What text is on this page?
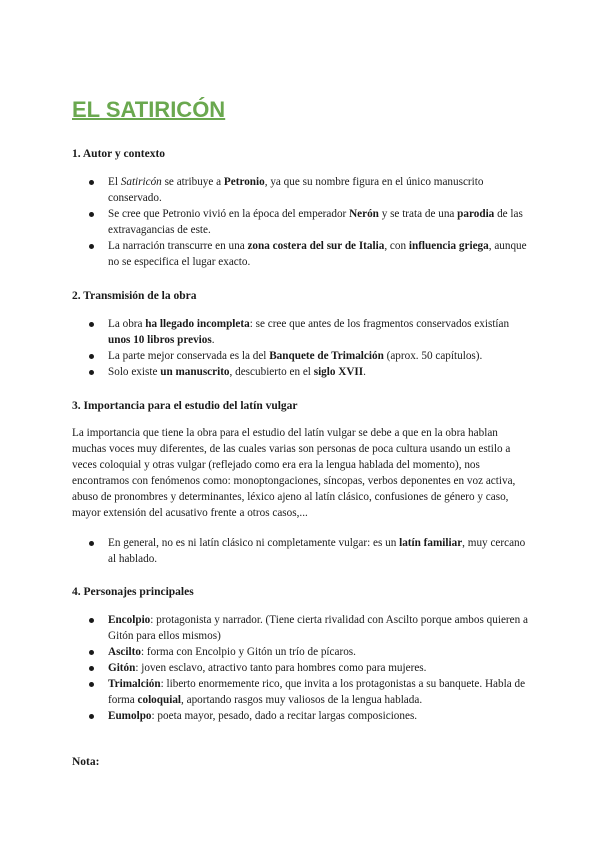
EL SATIRICÓN
1. Autor y contexto
El Satiricón se atribuye a Petronio, ya que su nombre figura en el único manuscrito conservado.
Se cree que Petronio vivió en la época del emperador Nerón y se trata de una parodia de las extravagancias de este.
La narración transcurre en una zona costera del sur de Italia, con influencia griega, aunque no se especifica el lugar exacto.
2. Transmisión de la obra
La obra ha llegado incompleta: se cree que antes de los fragmentos conservados existían unos 10 libros previos.
La parte mejor conservada es la del Banquete de Trimalción (aprox. 50 capítulos).
Solo existe un manuscrito, descubierto en el siglo XVII.
3. Importancia para el estudio del latín vulgar

La importancia que tiene la obra para el estudio del latín vulgar se debe a que en la obra hablan muchas voces muy diferentes, de las cuales varias son personas de poca cultura usando un estilo a veces coloquial y otras vulgar (reflejado como era era la lengua hablada del momento), nos encontramos con fenómenos como: monoptongaciones, síncopas, verbos deponentes en voz activa, abuso de pronombres y determinantes, léxico ajeno al latín clásico, confusiones de género y caso, mayor extensión del acusativo frente a otros casos,...

En general, no es ni latín clásico ni completamente vulgar: es un latín familiar, muy cercano al hablado.
4. Personajes principales
Encolpio: protagonista y narrador. (Tiene cierta rivalidad con Ascilto porque ambos quieren a Gitón para ellos mismos)
Ascilto: forma con Encolpio y Gitón un trío de pícaros.
Gitón: joven esclavo, atractivo tanto para hombres como para mujeres.
Trimalción: liberto enormemente rico, que invita a los protagonistas a su banquete. Habla de forma coloquial, aportando rasgos muy valiosos de la lengua hablada.
Eumolpo: poeta mayor, pesado, dado a recitar largas composiciones.
Nota:
